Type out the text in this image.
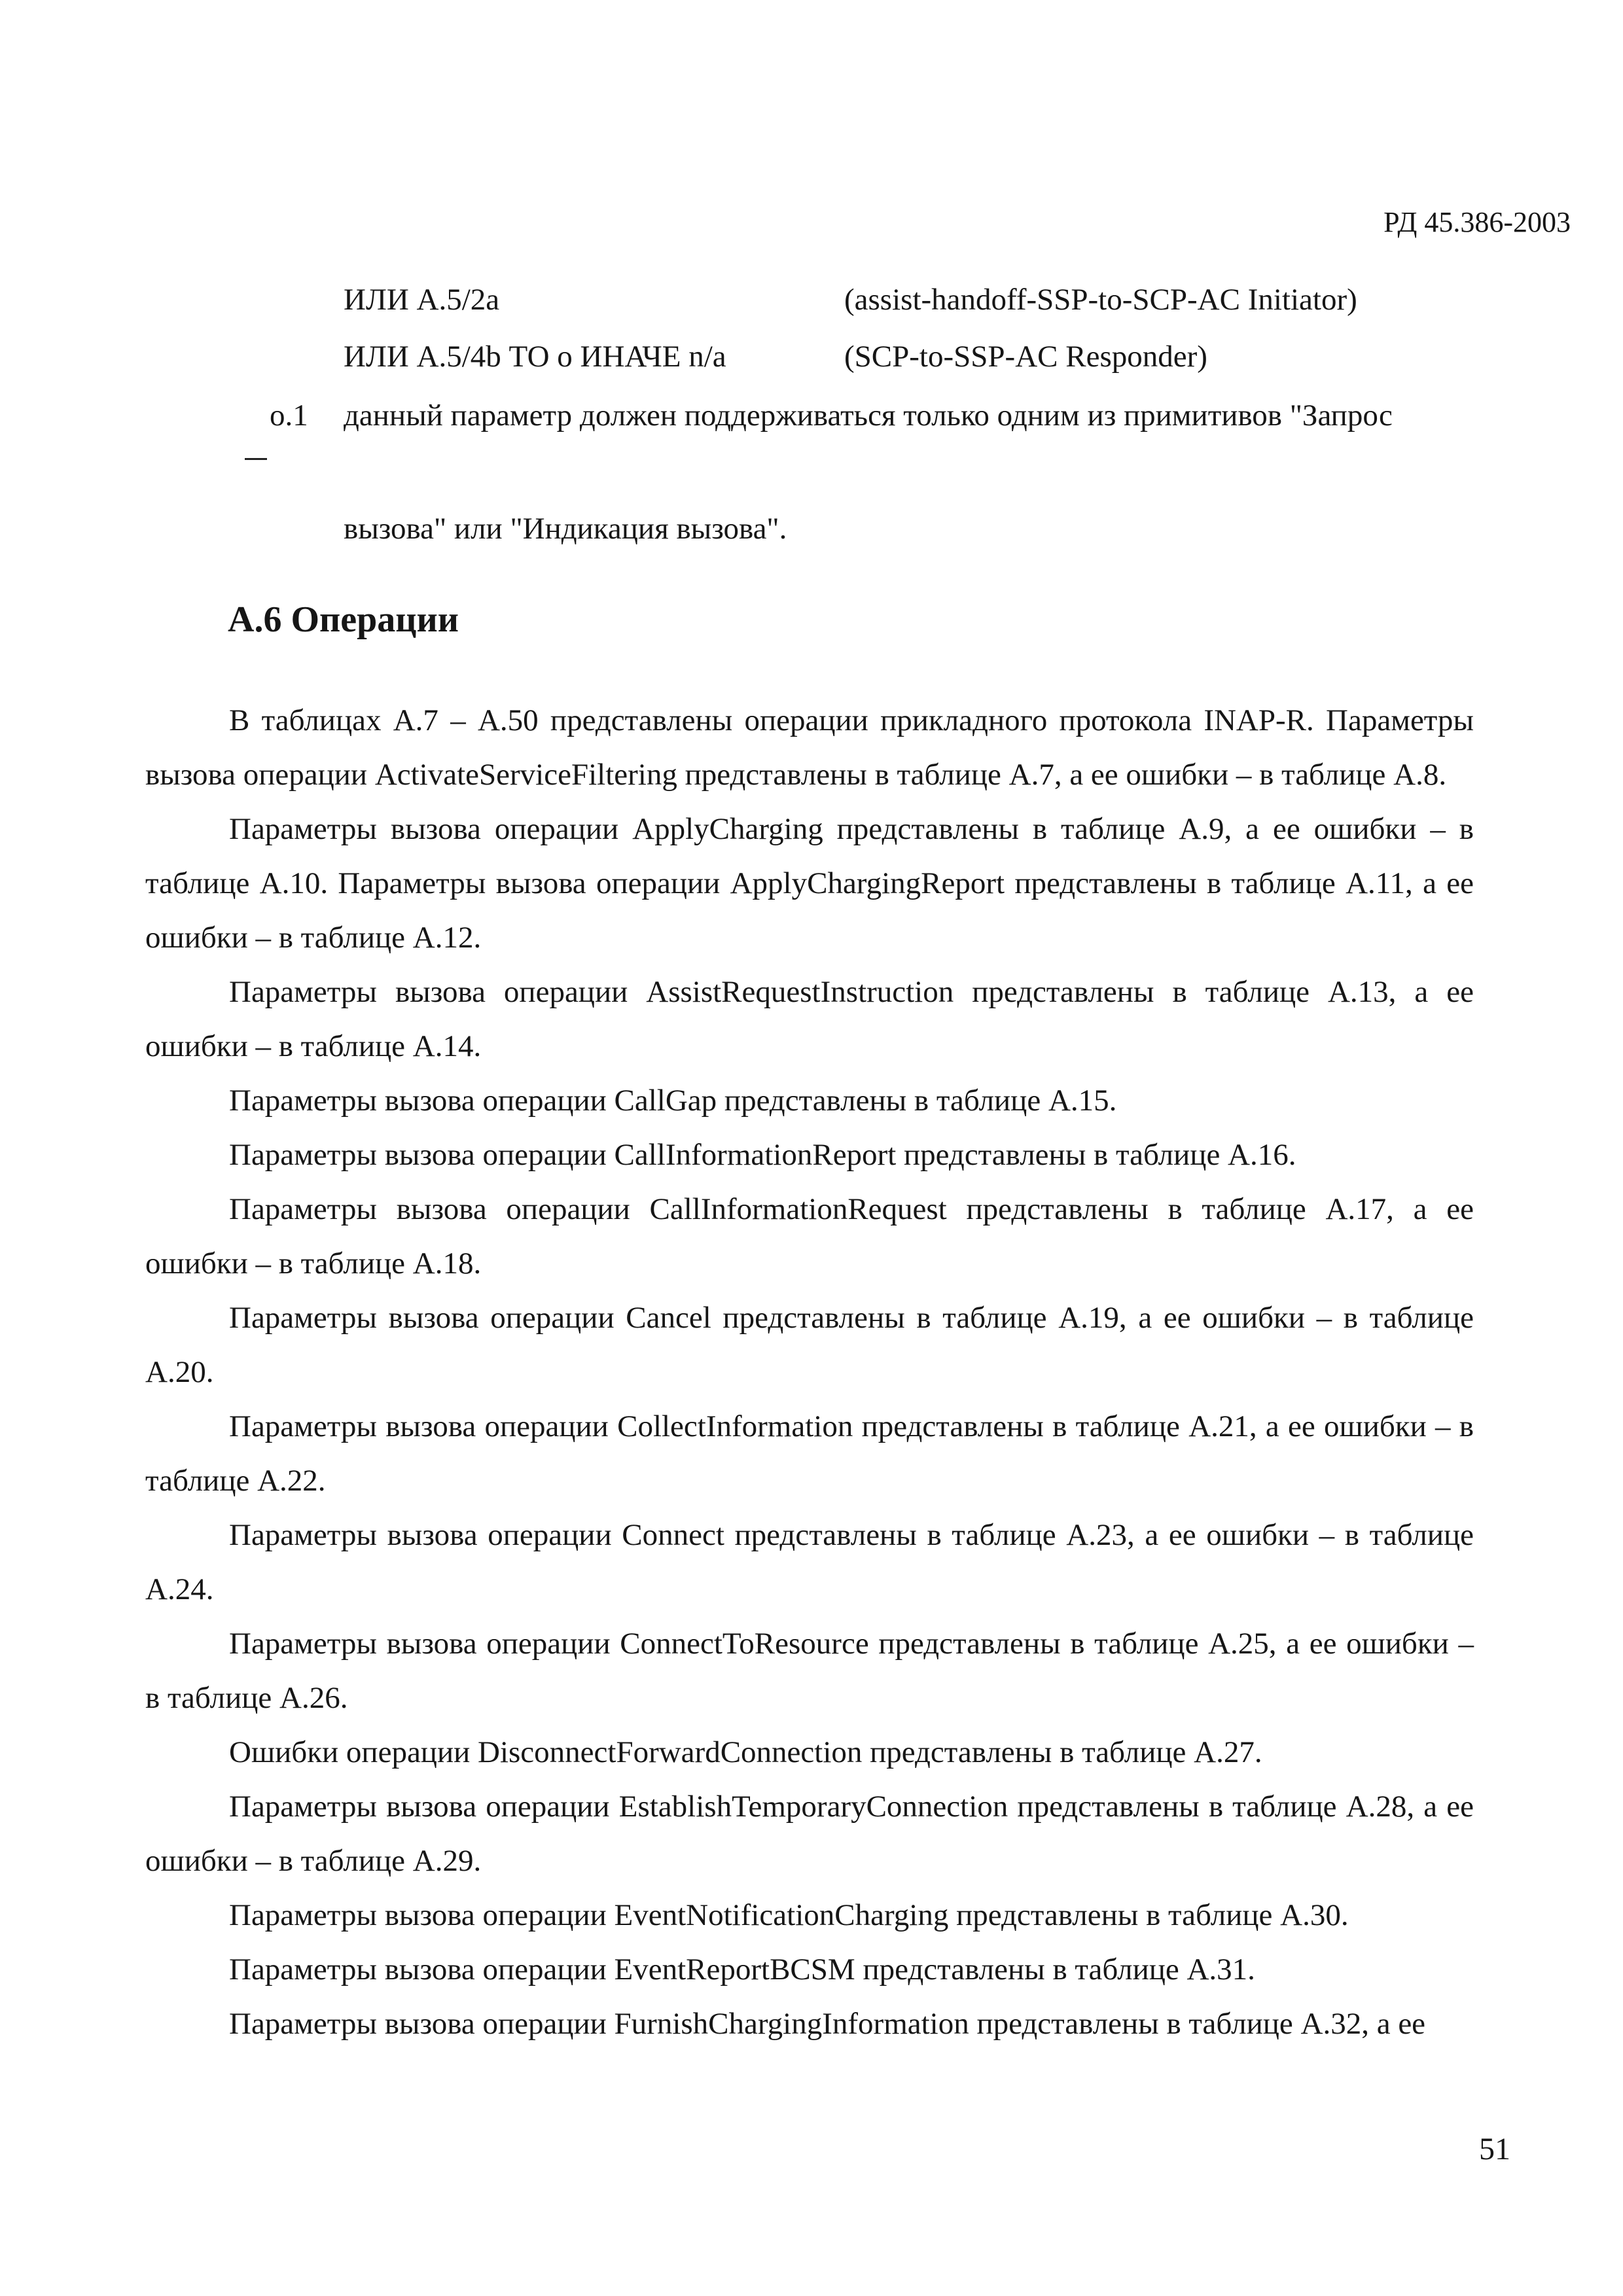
РД 45.386-2003
ИЛИ A.5/2a	(assist-handoff-SSP-to-SCP-AC Initiator)
ИЛИ A.5/4b ТО о ИНАЧЕ n/a	(SCP-to-SSP-AC Responder)
o.1 данный параметр должен поддерживаться только одним из примитивов "Запрос
вызова" или "Индикация вызова".
А.6 Операции

В таблицах А.7 – А.50 представлены операции прикладного протокола INAP-R. Параметры вызова операции ActivateServiceFiltering представлены в таблице А.7, а ее ошибки – в таблице А.8.

Параметры вызова операции ApplyCharging представлены в таблице А.9, а ее ошибки – в таблице А.10. Параметры вызова операции ApplyChargingReport представлены в таблице А.11, а ее ошибки – в таблице А.12.

Параметры вызова операции AssistRequestInstruction представлены в таблице А.13, а ее ошибки – в таблице А.14.

Параметры вызова операции CallGap представлены в таблице А.15.

Параметры вызова операции CallInformationReport представлены в таблице А.16.

Параметры вызова операции CallInformationRequest представлены в таблице А.17, а ее ошибки – в таблице А.18.

Параметры вызова операции Cancel представлены в таблице А.19, а ее ошибки – в таблице А.20.

Параметры вызова операции CollectInformation представлены в таблице А.21, а ее ошибки – в таблице А.22.

Параметры вызова операции Connect представлены в таблице А.23, а ее ошибки – в таблице А.24.

Параметры вызова операции ConnectToResource представлены в таблице А.25, а ее ошибки – в таблице А.26.

Ошибки операции DisconnectForwardConnection представлены в таблице А.27.

Параметры вызова операции EstablishTemporaryConnection представлены в таблице А.28, а ее ошибки – в таблице А.29.

Параметры вызова операции EventNotificationCharging представлены в таблице А.30.

Параметры вызова операции EventReportBCSM представлены в таблице А.31.

Параметры вызова операции FurnishChargingInformation представлены в таблице А.32, а ее

51
